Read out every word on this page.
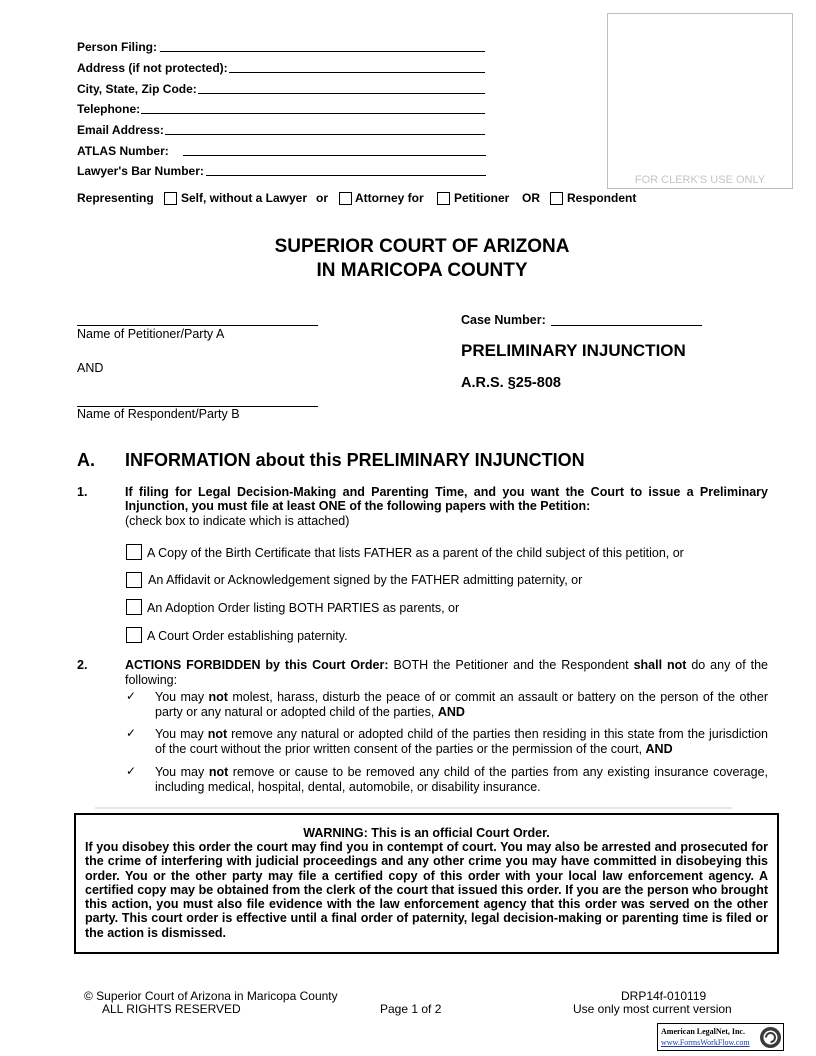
Person Filing:
Address (if not protected):
City, State, Zip Code:
Telephone:
Email Address:
ATLAS Number:
Lawyer's Bar Number:
FOR CLERK'S USE ONLY
Representing Self, without a Lawyer or Attorney for	Petitioner OR Respondent
SUPERIOR COURT OF ARIZONA
IN MARICOPA COUNTY
Name of Petitioner/Party A
AND
Name of Respondent/Party B
Case Number:
PRELIMINARY INJUNCTION
A.R.S. §25-808
A. INFORMATION about this PRELIMINARY INJUNCTION
1.	If filing for Legal Decision-Making and Parenting Time, and you want the Court to issue a Preliminary Injunction, you must file at least ONE of the following papers with the Petition:
(check box to indicate which is attached)
A Copy of the Birth Certificate that lists FATHER as a parent of the child subject of this petition, or
An Affidavit or Acknowledgement signed by the FATHER admitting paternity, or
An Adoption Order listing BOTH PARTIES as parents, or
A Court Order establishing paternity.
2.	ACTIONS FORBIDDEN by this Court Order: BOTH the Petitioner and the Respondent shall not do any of the following:
✓ You may not molest, harass, disturb the peace of or commit an assault or battery on the person of the other party or any natural or adopted child of the parties, AND
✓ You may not remove any natural or adopted child of the parties then residing in this state from the jurisdiction of the court without the prior written consent of the parties or the permission of the court, AND
✓ You may not remove or cause to be removed any child of the parties from any existing insurance coverage, including medical, hospital, dental, automobile, or disability insurance.
WARNING: This is an official Court Order.
If you disobey this order the court may find you in contempt of court. You may also be arrested and prosecuted for the crime of interfering with judicial proceedings and any other crime you may have committed in disobeying this order. You or the other party may file a certified copy of this order with your local law enforcement agency. A certified copy may be obtained from the clerk of the court that issued this order. If you are the person who brought this action, you must also file evidence with the law enforcement agency that this order was served on the other party. This court order is effective until a final order of paternity, legal decision-making or parenting time is filed or the action is dismissed.
© Superior Court of Arizona in Maricopa County
ALL RIGHTS RESERVED	Page 1 of 2
DRP14f-010119
Use only most current version
American LegalNet, Inc.
www.FormsWorkFlow.com
